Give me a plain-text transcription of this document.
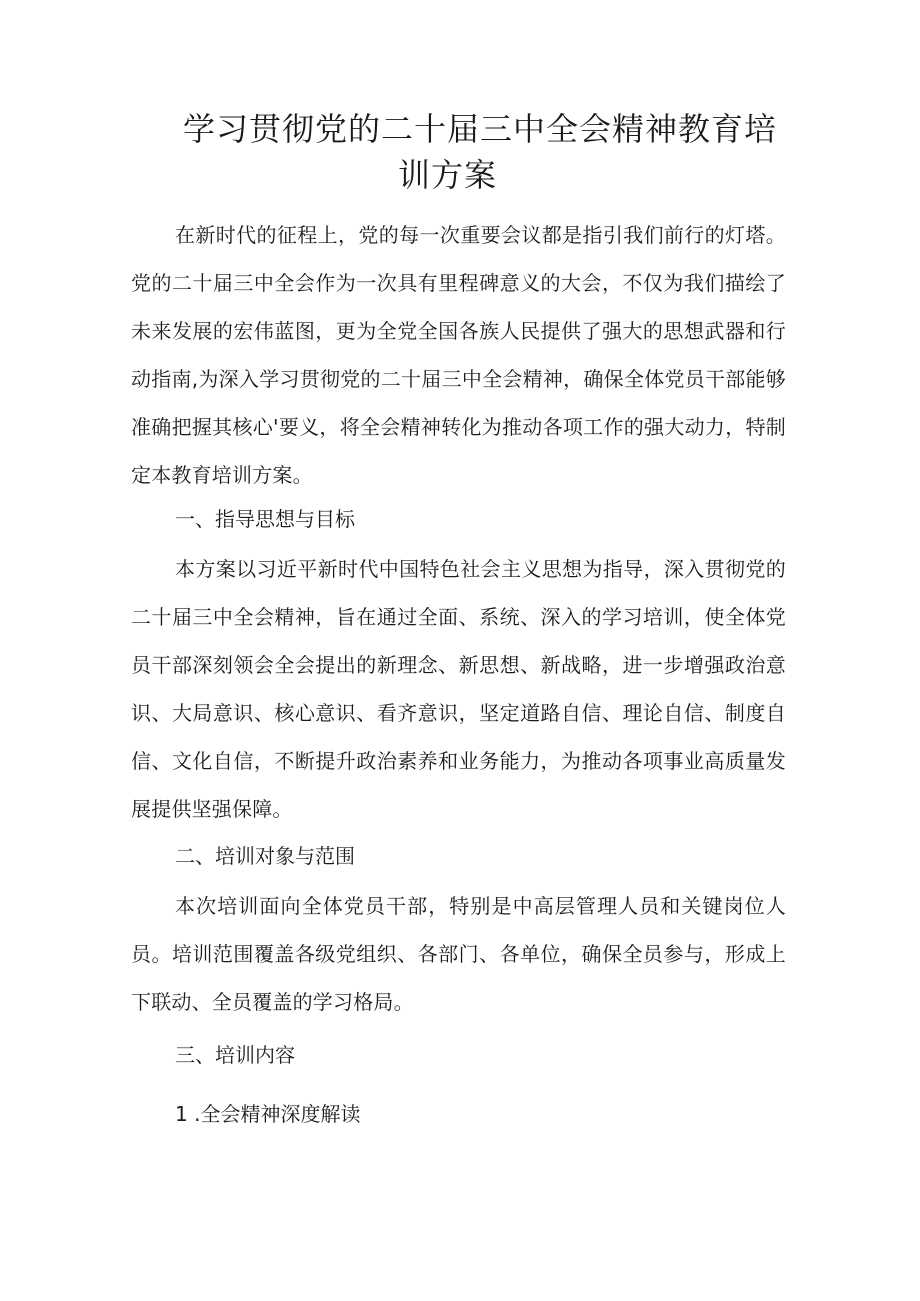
学习贯彻党的二十届三中全会精神教育培
训方案

在新时代的征程上，党的每一次重要会议都是指引我们前行的灯塔。党的二十届三中全会作为一次具有里程碑意义的大会，不仅为我们描绘了未来发展的宏伟蓝图，更为全党全国各族人民提供了强大的思想武器和行动指南,为深入学习贯彻党的二十届三中全会精神，确保全体党员干部能够准确把握其核心'要义，将全会精神转化为推动各项工作的强大动力，特制定本教育培训方案。

一、指导思想与目标

本方案以习近平新时代中国特色社会主义思想为指导，深入贯彻党的二十届三中全会精神，旨在通过全面、系统、深入的学习培训，使全体党员干部深刻领会全会提出的新理念、新思想、新战略，进一步增强政治意识、大局意识、核心意识、看齐意识，坚定道路自信、理论自信、制度自信、文化自信，不断提升政治素养和业务能力，为推动各项事业高质量发展提供坚强保障。

二、培训对象与范围

本次培训面向全体党员干部，特别是中高层管理人员和关键岗位人员。培训范围覆盖各级党组织、各部门、各单位，确保全员参与，形成上下联动、全员覆盖的学习格局。

三、培训内容

1 .全会精神深度解读
